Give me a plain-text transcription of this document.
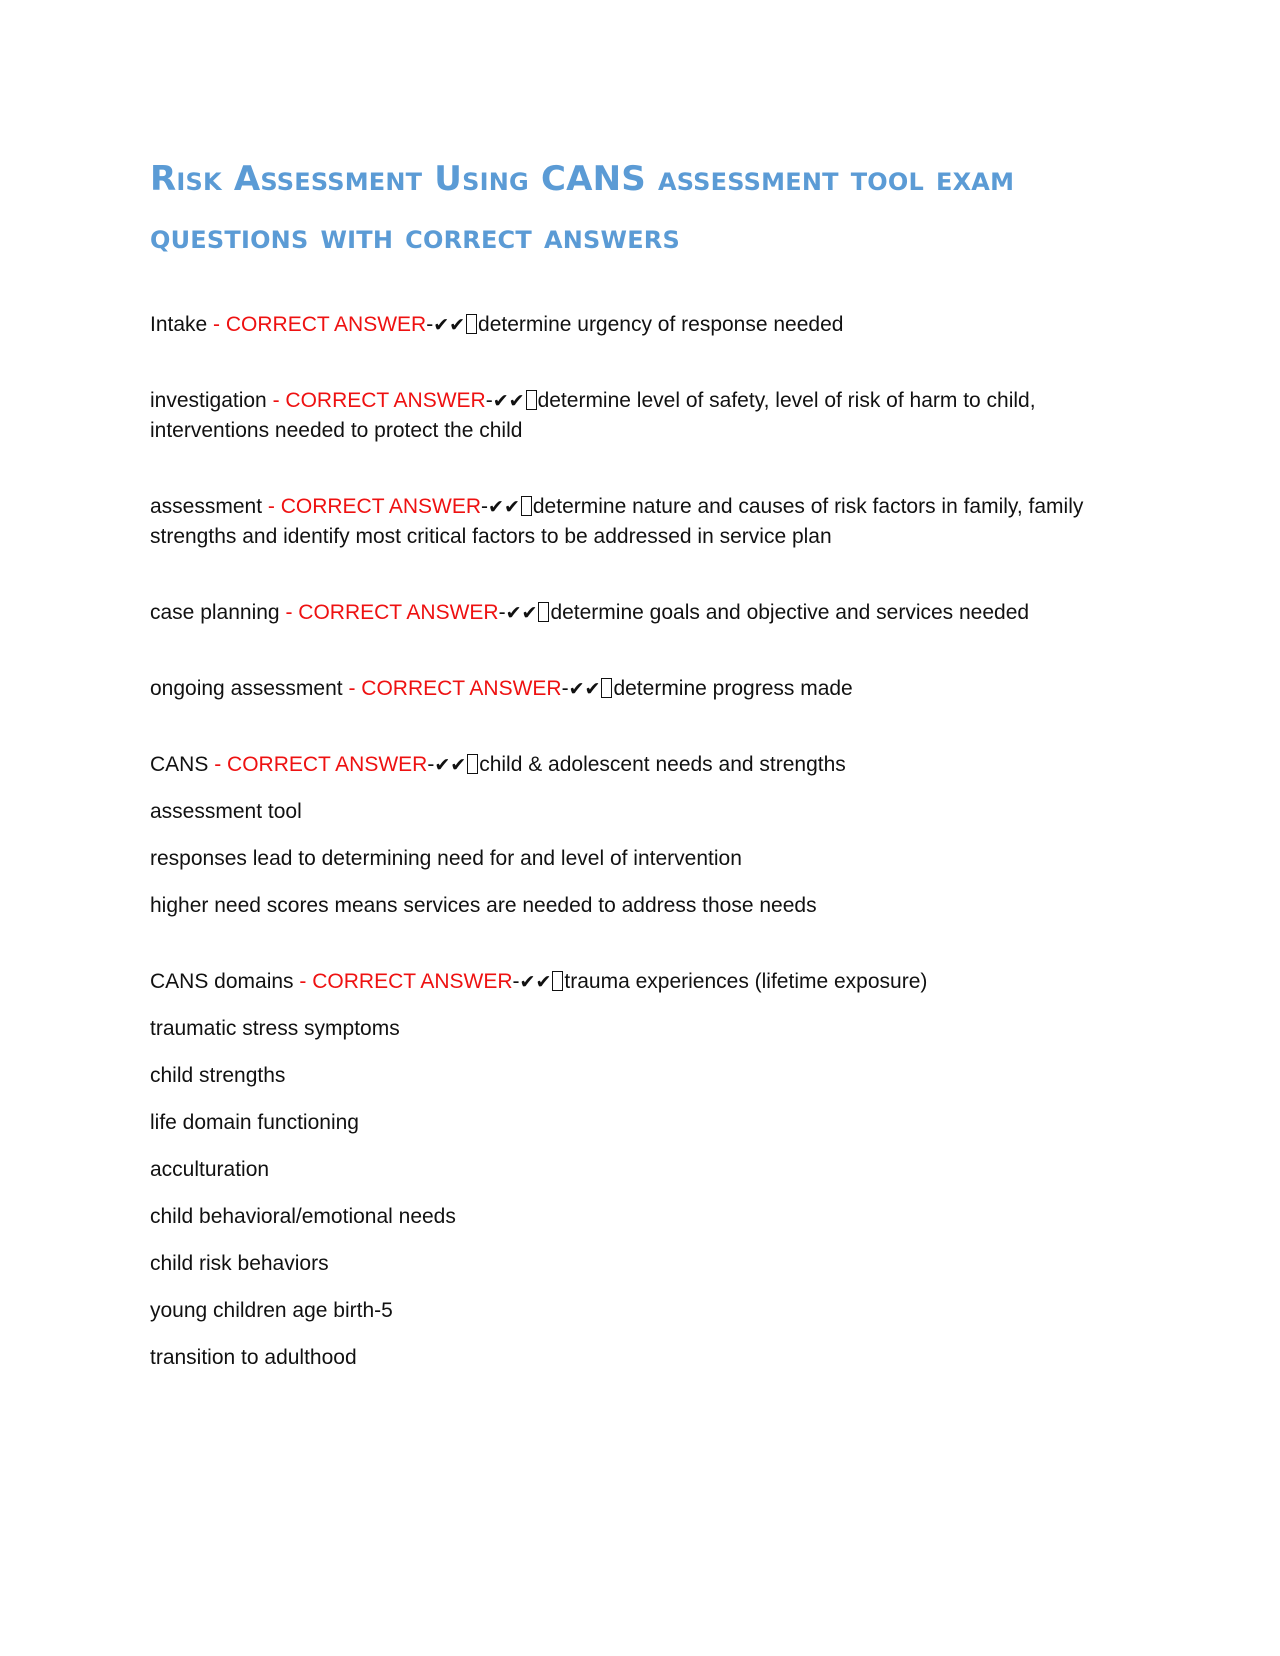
Risk Assessment Using CANS assessment tool exam questions with correct answers

Intake - CORRECT ANSWER-✔✔ determine urgency of response needed

investigation - CORRECT ANSWER-✔✔ determine level of safety, level of risk of harm to child, interventions needed to protect the child

assessment - CORRECT ANSWER-✔✔ determine nature and causes of risk factors in family, family strengths and identify most critical factors to be addressed in service plan

case planning - CORRECT ANSWER-✔✔ determine goals and objective and services needed

ongoing assessment - CORRECT ANSWER-✔✔ determine progress made

CANS - CORRECT ANSWER-✔✔ child & adolescent needs and strengths

assessment tool
responses lead to determining need for and level of intervention
higher need scores means services are needed to address those needs

CANS domains - CORRECT ANSWER-✔✔ trauma experiences (lifetime exposure)

traumatic stress symptoms
child strengths
life domain functioning
acculturation
child behavioral/emotional needs
child risk behaviors
young children age birth-5
transition to adulthood
